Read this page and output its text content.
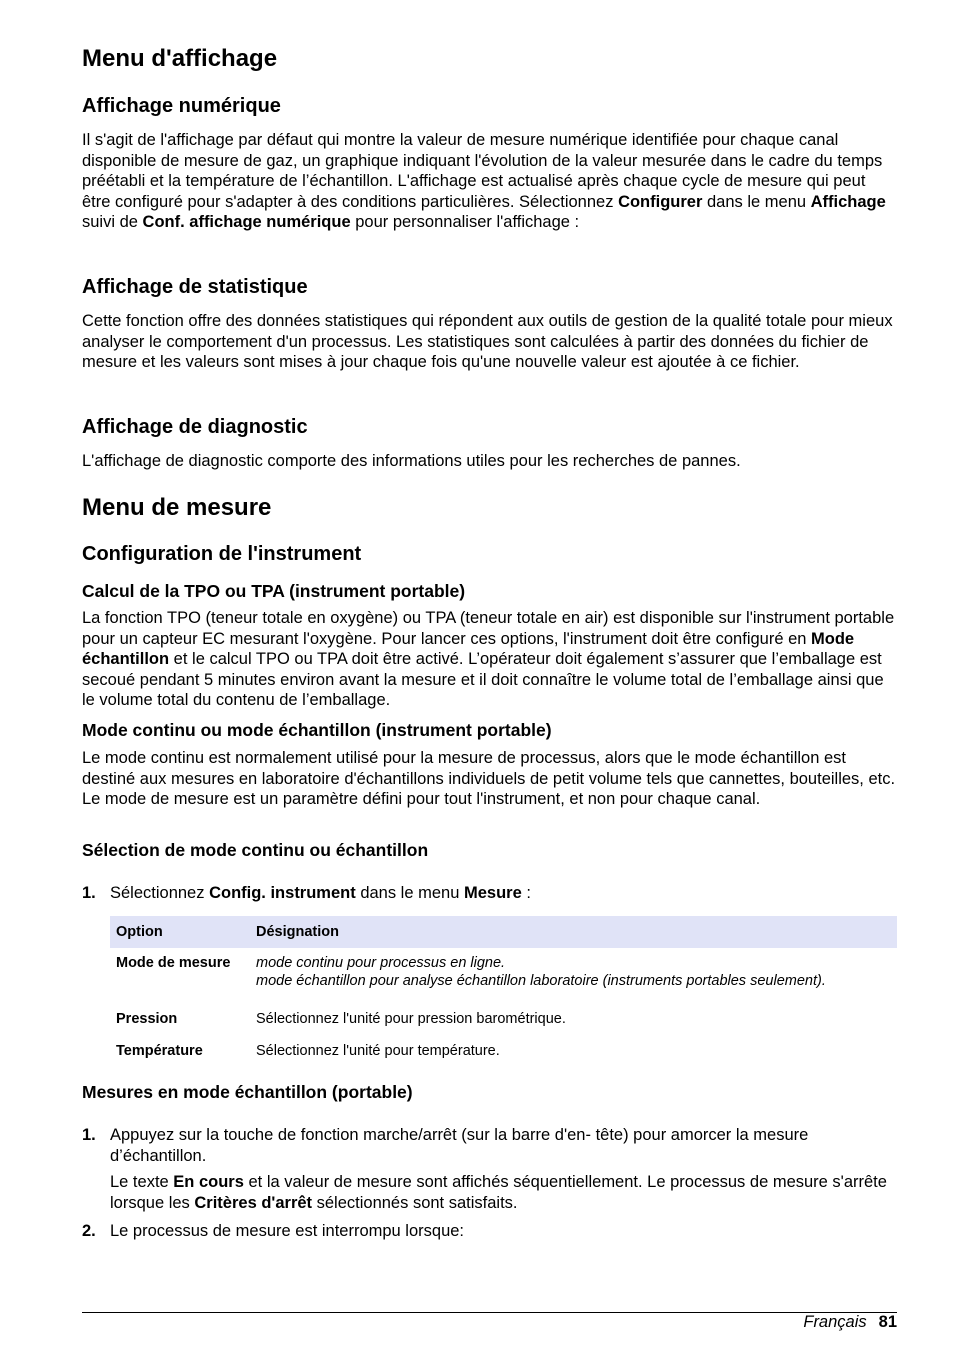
Menu d'affichage
Affichage numérique

Il s'agit de l'affichage par défaut qui montre la valeur de mesure numérique identifiée pour chaque canal disponible de mesure de gaz, un graphique indiquant l'évolution de la valeur mesurée dans le cadre du temps préétabli et la température de l’échantillon. L'affichage est actualisé après chaque cycle de mesure qui peut être configuré pour s'adapter à des conditions particulières. Sélectionnez Configurer dans le menu Affichage suivi de Conf. affichage numérique pour personnaliser l'affichage :

Affichage de statistique

Cette fonction offre des données statistiques qui répondent aux outils de gestion de la qualité totale pour mieux analyser le comportement d'un processus. Les statistiques sont calculées à partir des données du fichier de mesure et les valeurs sont mises à jour chaque fois qu'une nouvelle valeur est ajoutée à ce fichier.

Affichage de diagnostic

L'affichage de diagnostic comporte des informations utiles pour les recherches de pannes.

Menu de mesure
Configuration de l'instrument
Calcul de la TPO ou TPA (instrument portable)

La fonction TPO (teneur totale en oxygène) ou TPA (teneur totale en air) est disponible sur l'instrument portable pour un capteur EC mesurant l'oxygène. Pour lancer ces options, l'instrument doit être configuré en Mode échantillon et le calcul TPO ou TPA doit être activé. L’opérateur doit également s’assurer que l’emballage est secoué pendant 5 minutes environ avant la mesure et il doit connaître le volume total de l’emballage ainsi que le volume total du contenu de l’emballage.

Mode continu ou mode échantillon (instrument portable)

Le mode continu est normalement utilisé pour la mesure de processus, alors que le mode échantillon est destiné aux mesures en laboratoire d'échantillons individuels de petit volume tels que cannettes, bouteilles, etc. Le mode de mesure est un paramètre défini pour tout l'instrument, et non pour chaque canal.

Sélection de mode continu ou échantillon
1. Sélectionnez Config. instrument dans le menu Mesure :
Option	Désignation
Mode de mesure	mode continu pour processus en ligne.
mode échantillon pour analyse échantillon laboratoire (instruments portables seulement).

Pression	Sélectionnez l'unité pour pression barométrique.
Température	Sélectionnez l'unité pour température.
Mesures en mode échantillon (portable)
1. Appuyez sur la touche de fonction marche/arrêt (sur la barre d'en- tête) pour amorcer la mesure d’échantillon.
Le texte En cours et la valeur de mesure sont affichés séquentiellement. Le processus de mesure s'arrête lorsque les Critères d'arrêt sélectionnés sont satisfaits.
2. Le processus de mesure est interrompu lorsque:
Français 81
